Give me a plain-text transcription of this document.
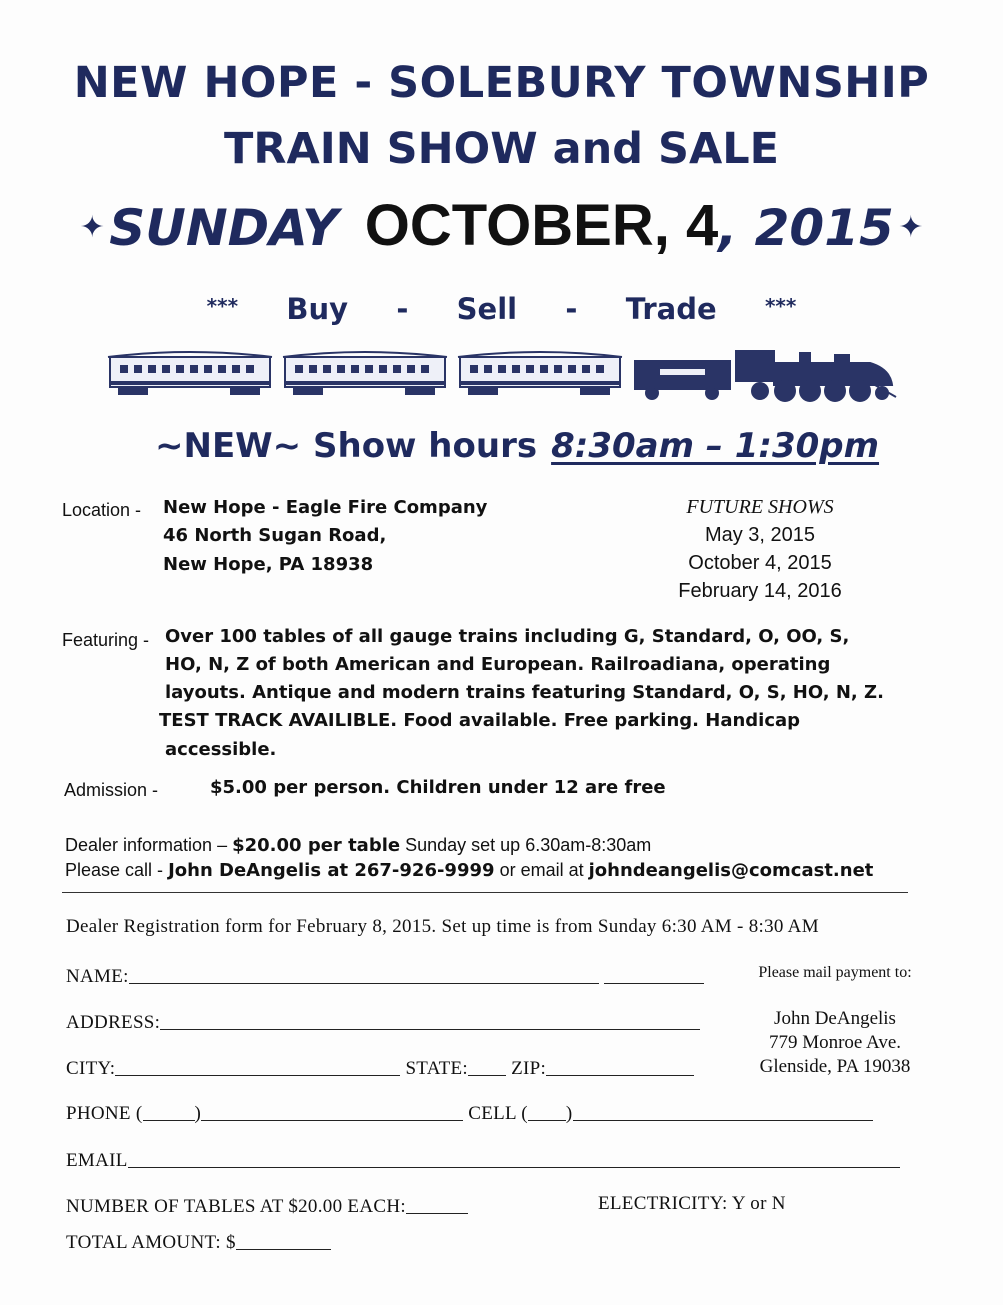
NEW HOPE - SOLEBURY TOWNSHIP
TRAIN SHOW and SALE
✦ SUNDAY OCTOBER, 4, 2015 ✦
*** Buy - Sell - Trade ***
~NEW~ Show hours 8:30am – 1:30pm
Location - New Hope - Eagle Fire Company
46 North Sugan Road,
New Hope, PA 18938
FUTURE SHOWS
May 3, 2015
October 4, 2015
February 14, 2016
Featuring - Over 100 tables of all gauge trains including G, Standard, O, OO, S,
HO, N, Z of both American and European. Railroadiana, operating
layouts. Antique and modern trains featuring Standard, O, S, HO, N, Z.
TEST TRACK AVAILIBLE. Food available. Free parking. Handicap
accessible.
Admission -	$5.00 per person. Children under 12 are free
Dealer information – $20.00 per table Sunday set up 6.30am-8:30am
Please call - John DeAngelis at 267-926-9999 or email at johndeangelis@comcast.net
Dealer Registration form for February 8, 2015. Set up time is from Sunday 6:30 AM - 8:30 AM
NAME:
ADDRESS:
CITY:	STATE: ZIP:
PHONE (	)	CELL ( )
EMAIL
NUMBER OF TABLES AT $20.00 EACH:	ELECTRICITY: Y or N
TOTAL AMOUNT: $
Please mail payment to:
John DeAngelis
779 Monroe Ave.
Glenside, PA 19038
